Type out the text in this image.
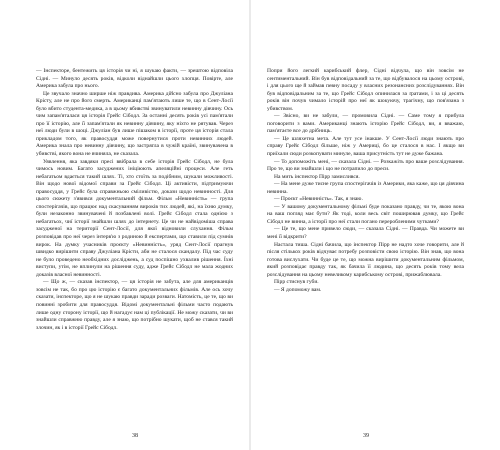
— Інспекторе, бентежить ця історія чи ні, я шукаю факти, — зрештою відповіла Сідні. — Минуло десять років, відколи віднайшли цього хлопця. Повірте, але Америка забула про нього.

Це звучало значно ширше ніж правдива. Америка дійсно забула про Джуліана Крісту, але не про його смерть. Американці пам'ятають лише те, що в Сент-Лосії було вбито студента-медика, а в цьому вбивстві звинуватили невинну дівчину. Ось чим запам'яталася ця історія Грейс Сібодл. За останні десять років усі пам'ятали про її історію, але її запам'ятали як невинну дівчину, яку ніхто не рятував. Через неї люди були в шоці. Джуліан був лише пішаком в історії, проте ця історія стала прикладом того, як правосуддя може повернутися проти невинних людей. Америка знала про невинну дівчину, що застрягла в чужій країні, звинувачена в убивстві, якого вона не вчиняла, не сказала.

Уявлення, яка завдяки пресі ввібрала в себе історія Грейс Сібодл, не була чимось новим. Багато засуджених ініціюють апеляційні процеси. Але геть небагатьом вдається такий шлях. Ті, хто стоїть за подібним, шукали можливості. Він щодо нової відомої справи за Грейс Сібодл. Ці активісти, підтримуючи правосуддя, у Грейс була справжньою сміливістю, докази щодо невинності. Для цього сюжету з'явився документальний фільм. Фільм «Невинність» — група спостерігачів, що працює над скасуванням вироків тих людей, які, на їхню думку, були незаконно звинувачені й позбавлені волі. Грейс Сібодл стала однією з небагатьох, чиї історії знайшли шлях до інтернету. Це чи не найвідоміша справа засудженої на території Сент-Лосії, для якої відновили слухання. Фільм розповідав про неї через інтерв'ю з родиною й експертами, що ставили під сумнів вирок. На думку учасників проєкту «Невинність», уряд Сент-Лосії прагнув швидко вирішити справу Джуліана Крісти, аби не сталося скандалу. Під час суду не було проведено необхідних досліджень, а суд поспішно ухвалив рішення. Їхні виступи, утім, не вплинули на рішення суду, адже Грейс Сібодл не мала жодних доказів власної невинності.

— Що ж, — сказав інспектор, — ця історія не забута, але для американців зовсім не так, бо про цю історію є багато документальних фільмів. Але ось хочу сказати, інспекторе, що я не шукаю правди заради розваги. Натомість, це те, що ви повинні зробити для правосуддя. Відомі документальні фільми часто подають лише одну сторону історії, що й нагадує нам ці публікації. Не можу сказати, чи ви знайшли справжню правду, але я знаю, що потрібно шукати, щоб не стався такий злочин, як і в історії Грейс Сібодл.

38

Попри його легкий карибський флер, Сідні відчула, що він зовсім не сентиментальний. Він був відповідальний за те, що відбувалося на цьому острові, і для цього ще й займав певну посаду у власних резонансних розслідуваннях. Він був відповідальним за те, що Грейс Сібодл опинилася за ґратами, і за ці десять років він почув чимало історій про неї як шокуючу, трагічну, що пов'язана з убивством.

— Звісно, ви не забули, — промовила Сідні. — Саме тому я прибула поговорити з вами. Американці знають історію Грейс Сібодл, ви, я вважаю, пам'ятаєте все до дрібниць.

— Це шляхетна мета. Але тут усе інакше. У Сент-Лосії люди знають про справу Грейс Сібодл більше, ніж у Америці, бо це сталося в нас. І якщо ви приїхали сюди розкопувати минуле, ваша присутність тут не дуже бажана.

— То допоможіть мені, — сказала Сідні. — Розкажіть про ваше розслідування. Про те, що ви знайшли і що не потрапило до преси.

На мить інспектор Пірр замислився.

— На мене дуже тисне група спостерігачів із Америки, яка каже, що ця дівчина невинна.

— Проєкт «Невинність». Так, я знаю.

— У вашому документальному фільмі буде показано правду, чи те, якою вона на ваш погляд має бути? Як тоді, коли весь світ поширював думку, що Грейс Сібодл не винна, а історії про неї стали погано переробленими чутками?

— Це те, що мене привело сюди, — сказала Сідні. — Правда. Чи можете ви мені її відкрити?

Настала тиша. Сідні бачила, що інспектор Пірр не надто хоче говорити, але й після стількох років відчуває потребу розповісти свою історію. Він знав, що вона готова вислухати. Чи буде це те, що можна вирішити документальним фільмом, який розповідає правду так, як бачила її людина, що десять років тому вела розслідування на цьому невеликому карибському острові, прижаблювала.

Пірр стиснув губи.

— Я допоможу вам.

39
